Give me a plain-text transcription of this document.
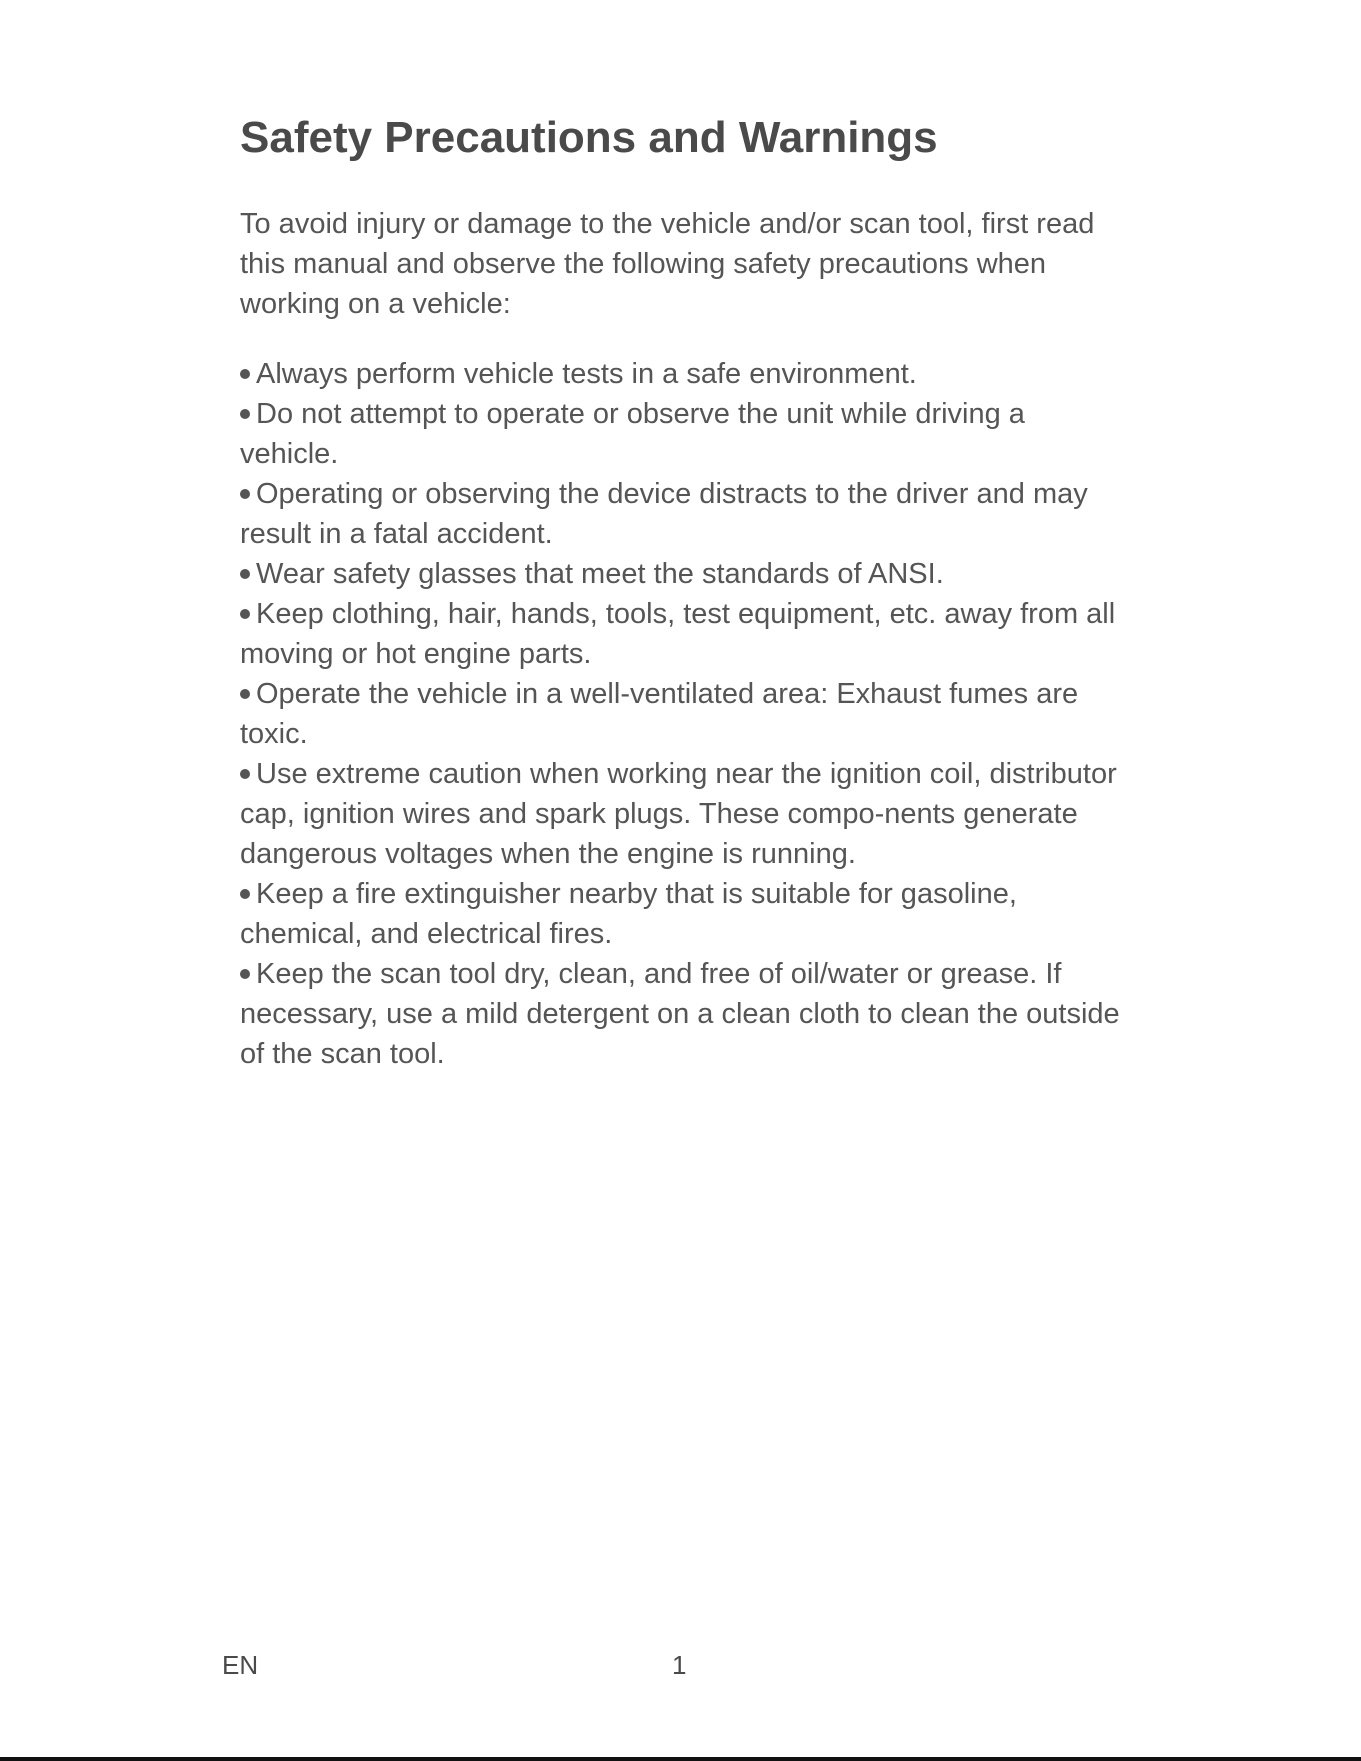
Safety Precautions and Warnings

To avoid injury or damage to the vehicle and/or scan tool, first read this manual and observe the following safety precautions when working on a vehicle:

Always perform vehicle tests in a safe environment.
Do not attempt to operate or observe the unit while driving a vehicle.
Operating or observing the device distracts to the driver and may result in a fatal accident.
Wear safety glasses that meet the standards of ANSI.
Keep clothing, hair, hands, tools, test equipment, etc. away from all moving or hot engine parts.
Operate the vehicle in a well-ventilated area: Exhaust fumes are toxic.
Use extreme caution when working near the ignition coil, distributor cap, ignition wires and spark plugs. These compo-nents generate dangerous voltages when the engine is running.
Keep a fire extinguisher nearby that is suitable for gasoline, chemical, and electrical fires.
Keep the scan tool dry, clean, and free of oil/water or grease. If necessary, use a mild detergent on a clean cloth to clean the outside of the scan tool.
EN	1
